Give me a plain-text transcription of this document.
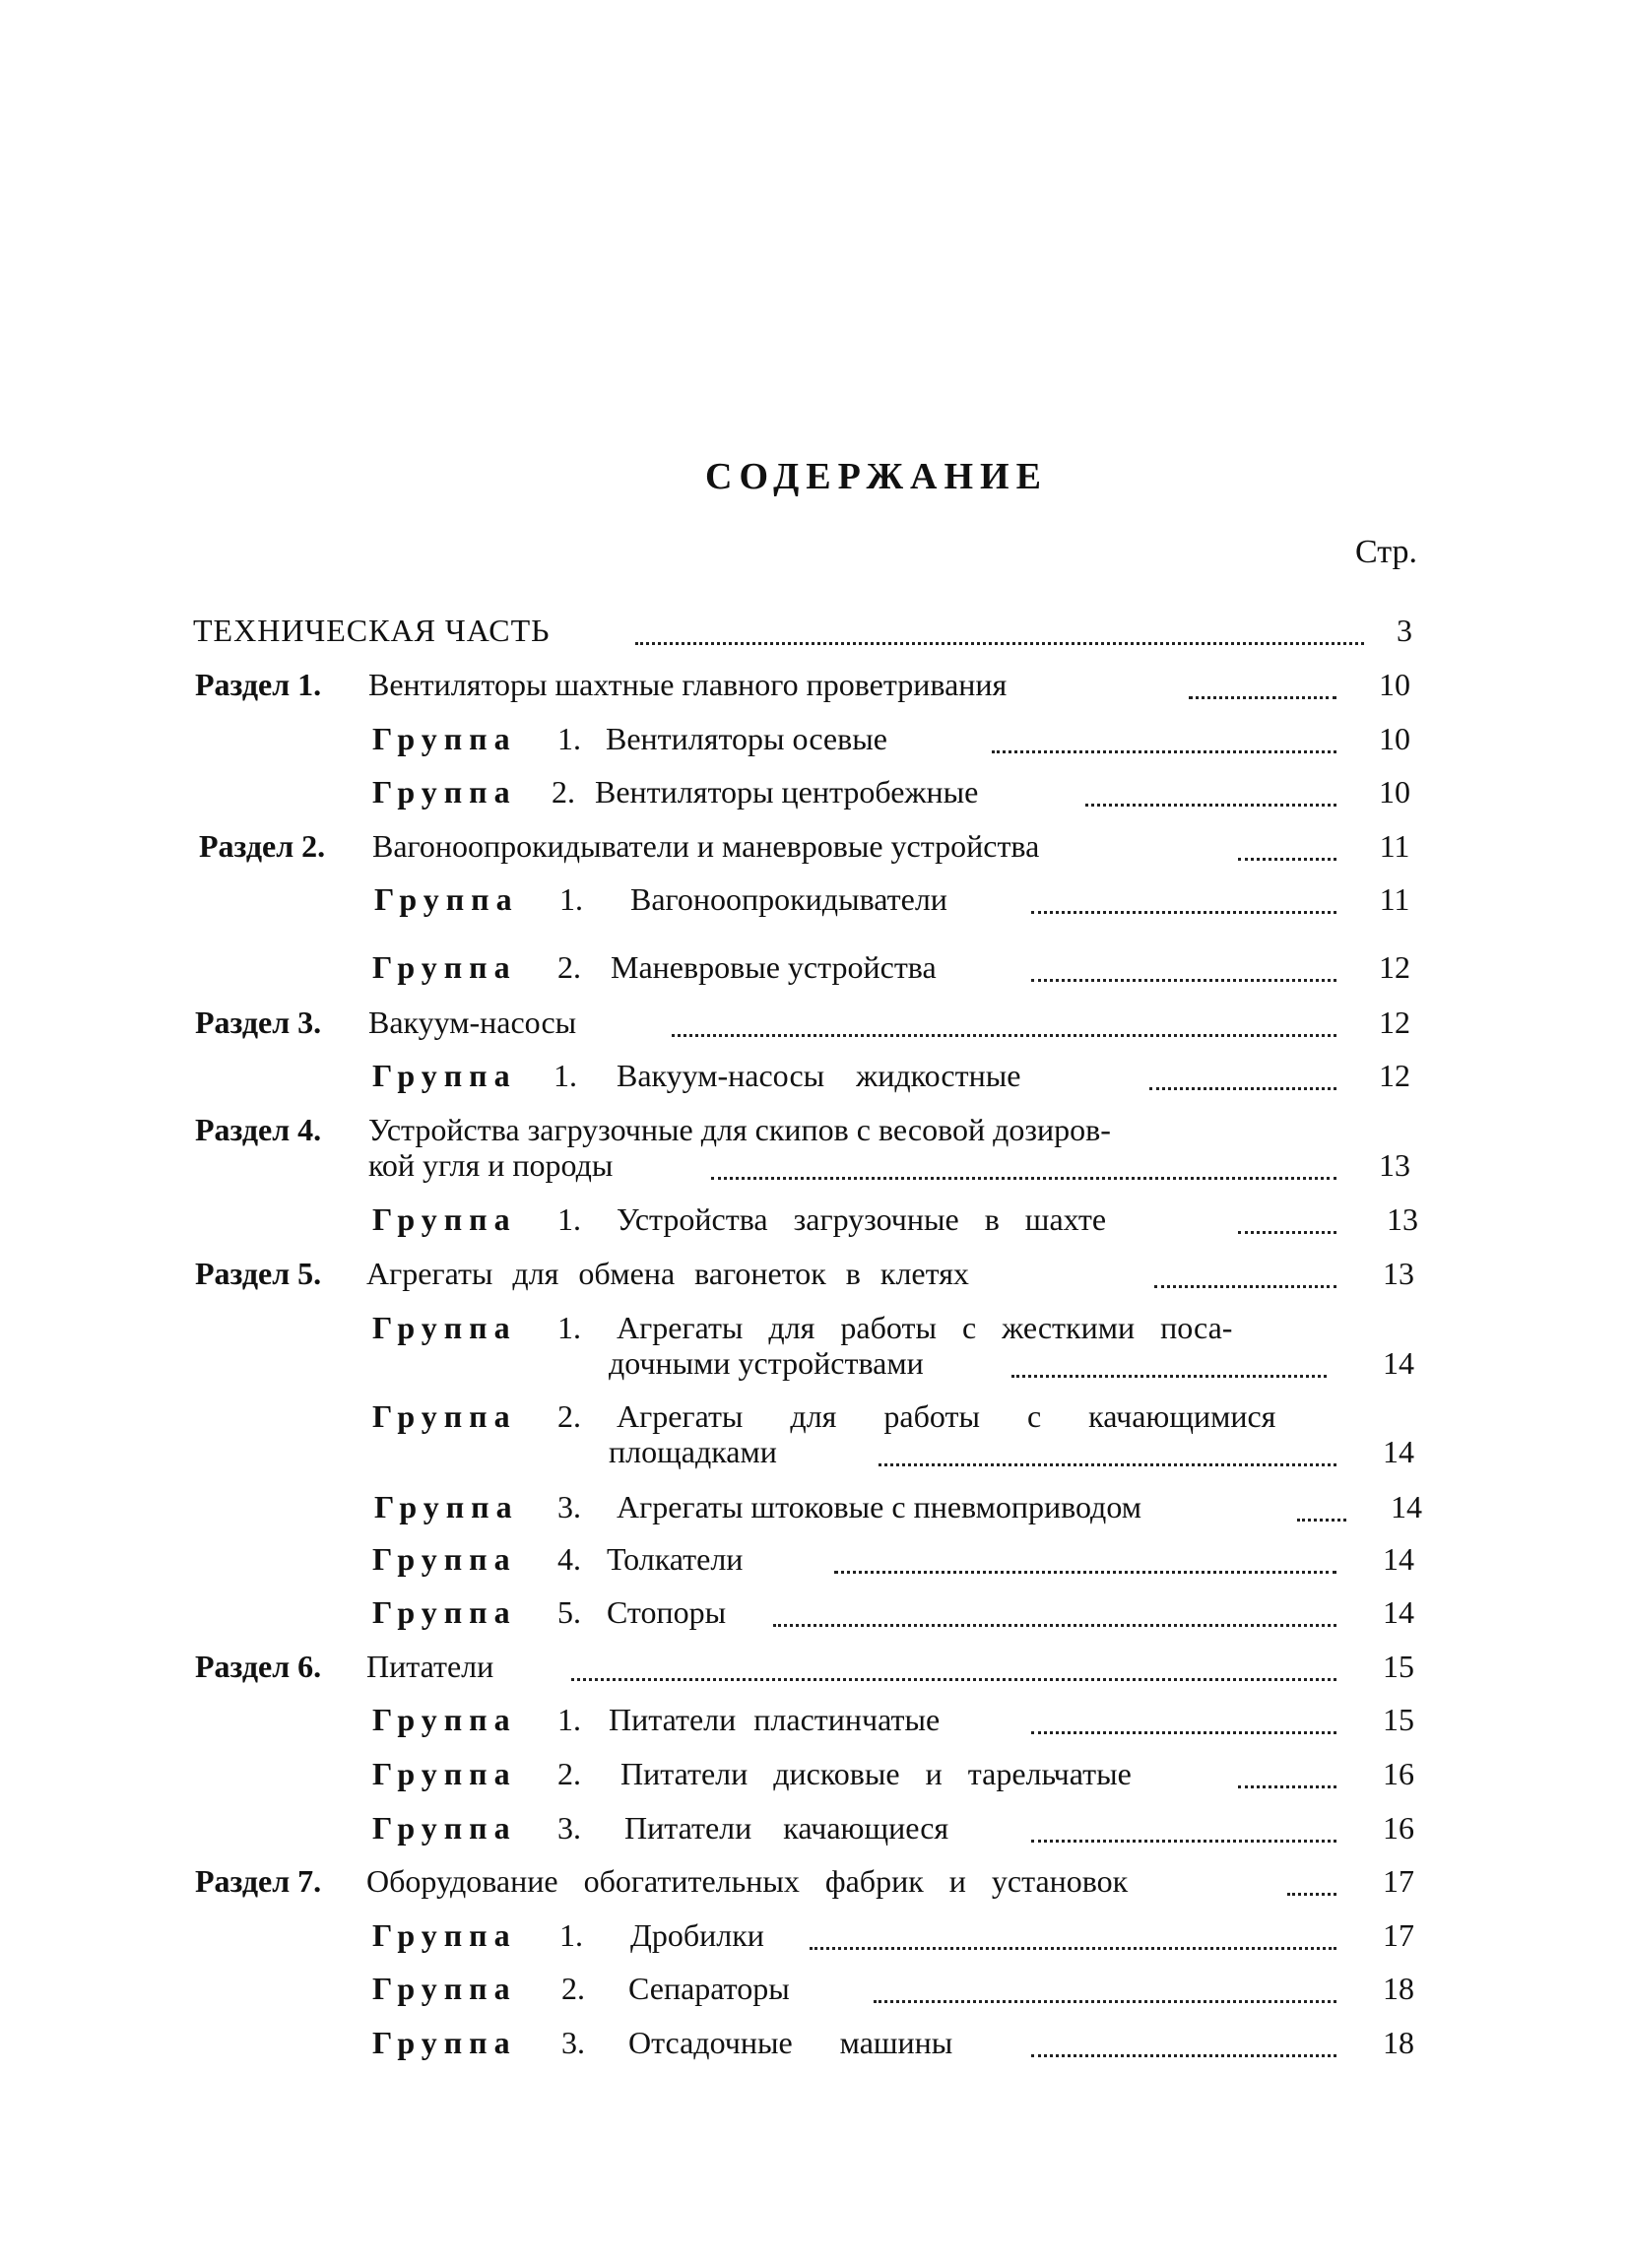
СОДЕРЖАНИЕ
Стр.
ТЕХНИЧЕСКАЯ ЧАСТЬ	3
Раздел 1. Вентиляторы шахтные главного проветривания	10
Группа 1. Вентиляторы осевые	10
Группа 2. Вентиляторы центробежные	10
Раздел 2. Вагоноопрокидыватели и маневровые устройства	11
Группа 1. Вагоноопрокидыватели	11
Группа 2. Маневровые устройства	12
Раздел 3. Вакуум-насосы	12
Группа 1. Вакуум-насосы жидкостные	12
Раздел 4. Устройства загрузочные для скипов с весовой дозиров-
кой угля и породы	13
Группа 1. Устройства загрузочные в шахте	13
Раздел 5. Агрегаты для обмена вагонеток в клетях	13
Группа 1. Агрегаты для работы с жесткими поса-
дочными устройствами	14
Группа 2. Агрегаты для работы с качающимися
площадками	14
Группа 3. Агрегаты штоковые с пневмоприводом	14
Группа 4. Толкатели	14
Группа 5. Стопоры	14
Раздел 6. Питатели	15
Группа 1. Питатели пластинчатые	15
Группа 2. Питатели дисковые и тарельчатые	16
Группа 3. Питатели качающиеся	16
Раздел 7. Оборудование обогатительных фабрик и установок	17
Группа 1. Дробилки	17
Группа 2. Сепараторы	18
Группа 3. Отсадочные машины	18
